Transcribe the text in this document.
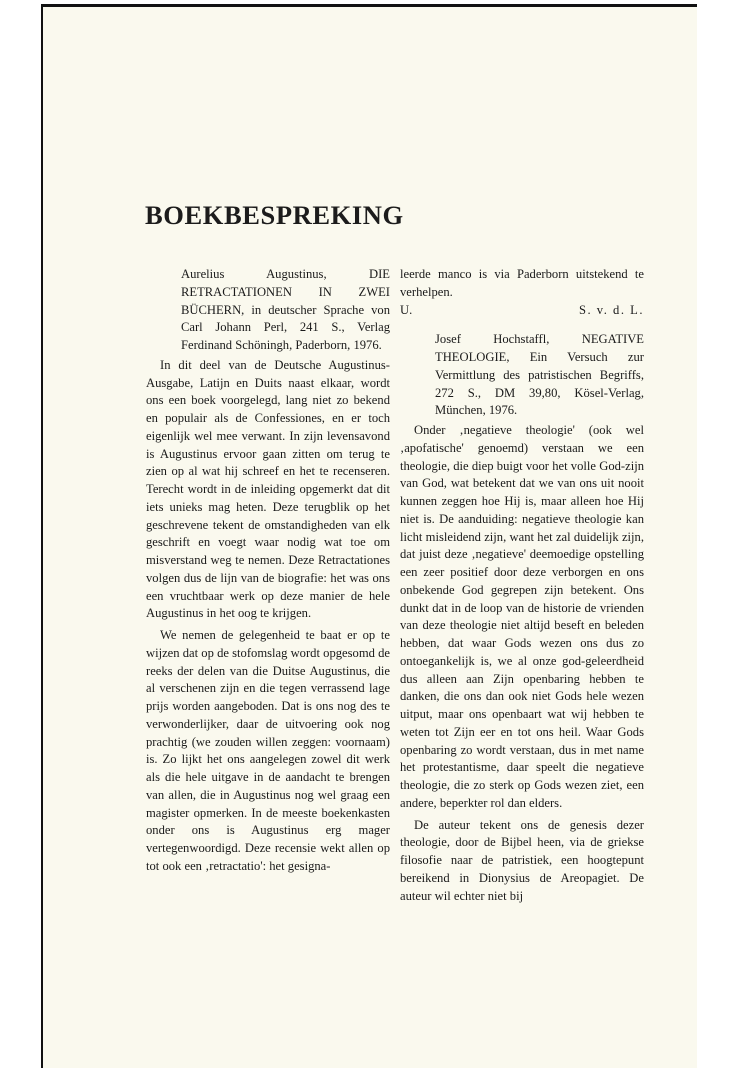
BOEKBESPREKING

Aurelius Augustinus, DIE RETRACTATIONEN IN ZWEI BÜCHERN, in deutscher Sprache von Carl Johann Perl, 241 S., Verlag Ferdinand Schöningh, Paderborn, 1976.

In dit deel van de Deutsche Augustinus-Ausgabe, Latijn en Duits naast elkaar, wordt ons een boek voorgelegd, lang niet zo bekend en populair als de Confessiones, en er toch eigenlijk wel mee verwant. In zijn levensavond is Augustinus ervoor gaan zitten om terug te zien op al wat hij schreef en het te recenseren. Terecht wordt in de inleiding opgemerkt dat dit iets unieks mag heten. Deze terugblik op het geschrevene tekent de omstandigheden van elk geschrift en voegt waar nodig wat toe om misverstand weg te nemen. Deze Retractationes volgen dus de lijn van de biografie: het was ons een vruchtbaar werk op deze manier de hele Augustinus in het oog te krijgen.

We nemen de gelegenheid te baat er op te wijzen dat op de stofomslag wordt opgesomd de reeks der delen van die Duitse Augustinus, die al verschenen zijn en die tegen verrassend lage prijs worden aangeboden. Dat is ons nog des te verwonderlijker, daar de uitvoering ook nog prachtig (we zouden willen zeggen: voornaam) is. Zo lijkt het ons aangelegen zowel dit werk als die hele uitgave in de aandacht te brengen van allen, die in Augustinus nog wel graag een magister opmerken. In de meeste boekenkasten onder ons is Augustinus erg mager vertegenwoordigd. Deze recensie wekt allen op tot ook een ‚retractatio': het gesigna-

leerde manco is via Paderborn uitstekend te verhelpen.

U.	S. v. d. L.

Josef Hochstaffl, NEGATIVE THEOLOGIE, Ein Versuch zur Vermittlung des patristischen Begriffs, 272 S., DM 39,80, Kösel-Verlag, München, 1976.

Onder ‚negatieve theologie' (ook wel ‚apofatische' genoemd) verstaan we een theologie, die diep buigt voor het volle God-zijn van God, wat betekent dat we van ons uit nooit kunnen zeggen hoe Hij is, maar alleen hoe Hij niet is. De aanduiding: negatieve theologie kan licht misleidend zijn, want het zal duidelijk zijn, dat juist deze ‚negatieve' deemoedige opstelling een zeer positief door deze verborgen en ons onbekende God gegrepen zijn betekent. Ons dunkt dat in de loop van de historie de vrienden van deze theologie niet altijd beseft en beleden hebben, dat waar Gods wezen ons dus zo ontoegankelijk is, we al onze god-geleerdheid dus alleen aan Zijn openbaring hebben te danken, die ons dan ook niet Gods hele wezen uitput, maar ons openbaart wat wij hebben te weten tot Zijn eer en tot ons heil. Waar Gods openbaring zo wordt verstaan, dus in met name het protestantisme, daar speelt die negatieve theologie, die zo sterk op Gods wezen ziet, een andere, beperkter rol dan elders.

De auteur tekent ons de genesis dezer theologie, door de Bijbel heen, via de griekse filosofie naar de patristiek, een hoogtepunt bereikend in Dionysius de Areopagiet. De auteur wil echter niet bij
